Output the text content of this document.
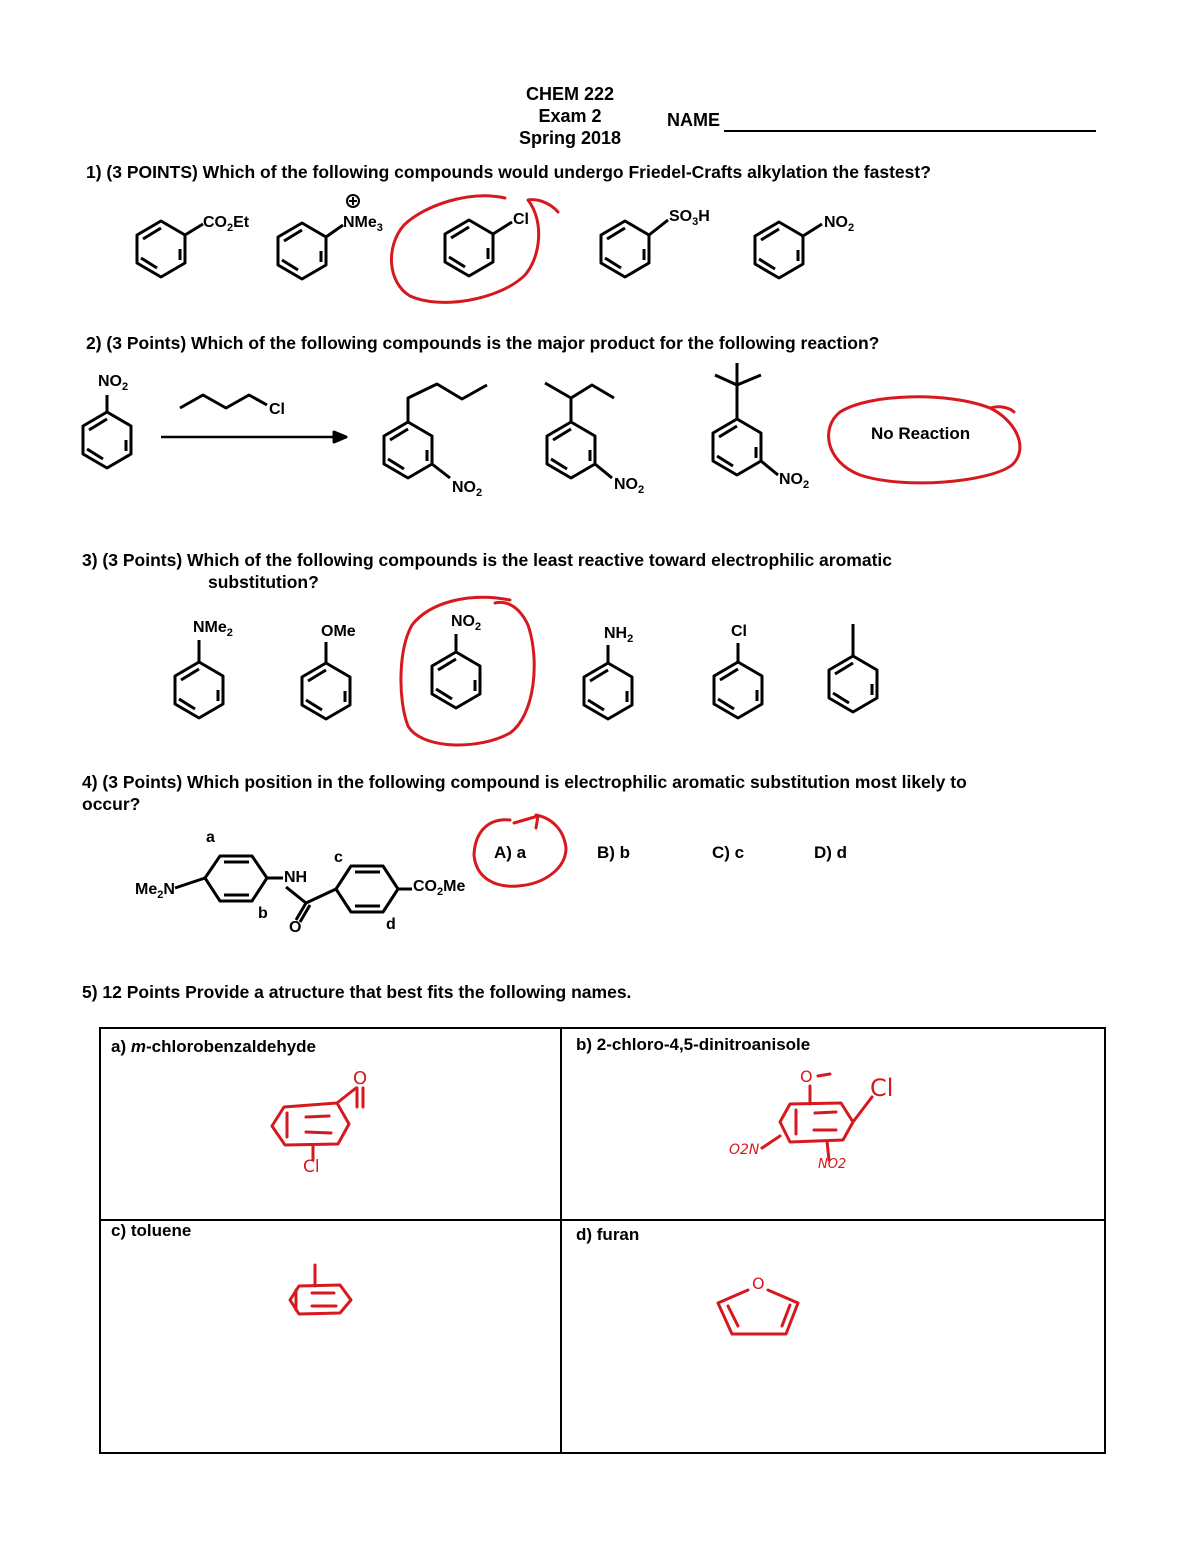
CHEM 222
Exam 2
Spring 2018
NAME
1) (3 POINTS) Which of the following compounds would undergo Friedel-Crafts alkylation the fastest?
2) (3 Points) Which of the following compounds is the major product for the following reaction?
3) (3 Points) Which of the following compounds is the least reactive toward electrophilic aromatic
substitution?
4) (3 Points) Which position in the following compound is electrophilic aromatic substitution most likely to
occur?
5) 12 Points Provide a atructure that best fits the following names.
$CO_2Et$	NMe$_3$
Cl	$SO_3H$	$NO_2$
$NO_2$
Cl
$NO_2$
$NO_2$
$NO_2$
No Reaction
NMe$_2$	OMe
$NO_2$	$NH_2$	Cl
a
b
c
d
$Me_2N$
NH
O
$CO_2Me$
A) a	B) b	C) c	D) d
a) m-chlorobenzaldehyde	b) 2-chloro-4,5-dinitroanisole
c) toluene	d) furan
O
Cl
O Cl
O2N
NO2
O
